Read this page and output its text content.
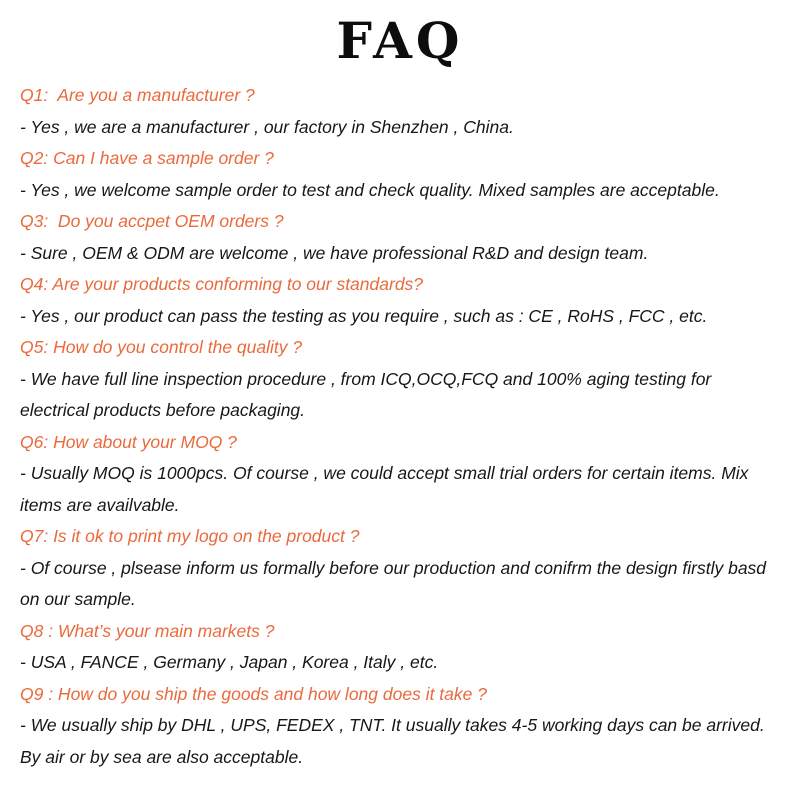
FAQ

Q1:  Are you a manufacturer ?

- Yes , we are a manufacturer , our factory in Shenzhen , China.

Q2: Can I have a sample order ?

- Yes , we welcome sample order to test and check quality. Mixed samples are acceptable.

Q3:  Do you accpet OEM orders ?

- Sure , OEM & ODM are welcome , we have professional R&D and design team.

Q4: Are your products conforming to our standards?

- Yes , our product can pass the testing as you require , such as : CE , RoHS , FCC , etc.

Q5: How do you control the quality ?

- We have full line inspection procedure , from ICQ,OCQ,FCQ and 100% aging testing for electrical products before packaging.

Q6: How about your MOQ ?

- Usually MOQ is 1000pcs. Of course , we could accept small trial orders for certain items. Mix items are availvable.

Q7: Is it ok to print my logo on the product ?

- Of course , plsease inform us formally before our production and conifrm the design firstly basd on our sample.

Q8 : What’s your main markets ?

- USA , FANCE , Germany , Japan , Korea , Italy , etc.

Q9 : How do you ship the goods and how long does it take ?

- We usually ship by DHL , UPS, FEDEX , TNT. It usually takes 4-5 working days can be arrived. By air or by sea are also acceptable.
